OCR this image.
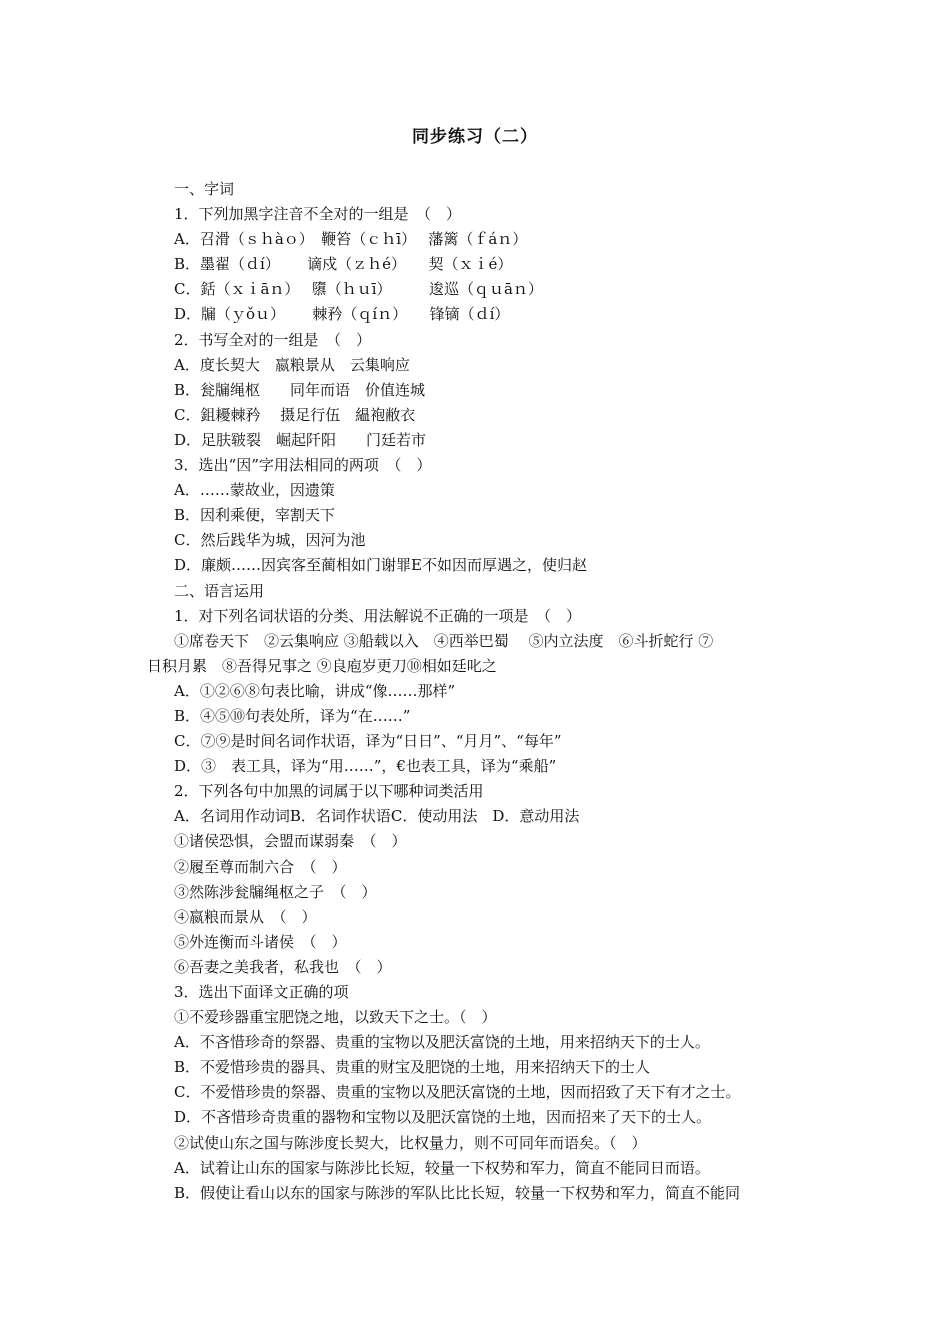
同步练习（二）
一、字词
1．下列加黑字注音不全对的一组是　（　）
A．召滑（ｓｈàｏ）　鞭笞（ｃｈī）　 藩篱（ｆáｎ）
B．墨翟（ｄí）　　 谪戍（ｚｈé）　　契（ｘｉé）
C．銛（ｘｉāｎ）　 隳（ｈｕī）　　　逡巡（ｑｕāｎ）
D．牖（ｙǒｕ）　　 棘矜（ｑíｎ）　　锋镝（ｄí）
2．书写全对的一组是　（　）
A．度长契大　嬴粮景从　云集响应
B．瓮牖绳枢　　同年而语　价值连城
C．鉏耰棘矜　 摄足行伍　緼袍敝衣
D．足肤皲裂　崛起阡阳　　门廷若市
3．选出“因”字用法相同的两项　（　）
A．……蒙故业，因遗策
B．因利乘便，宰割天下
C．然后践华为城，因河为池
D．廉颇……因宾客至蔺相如门谢罪E不如因而厚遇之，使归赵
二、语言运用
1．对下列名词状语的分类、用法解说不正确的一项是　（　）
①席卷天下　②云集响应 ③船载以入　④西举巴蜀　 ⑤内立法度　⑥斗折蛇行 ⑦
日积月累　⑧吾得兄事之 ⑨良庖岁更刀⑩相如廷叱之
A．①②⑥⑧句表比喻，讲成“像……那样”
B．④⑤⑩句表处所，译为“在……”
C．⑦⑨是时间名词作状语，译为“日日”、“月月”、“每年”
D．③　表工具，译为“用……”，€也表工具，译为“乘船”
2．下列各句中加黑的词属于以下哪种词类活用
A．名词用作动词B．名词作状语C．使动用法　D．意动用法
①诸侯恐惧，会盟而谋弱秦　（　）
②履至尊而制六合　（　）
③然陈涉瓮牖绳枢之子　（　）
④嬴粮而景从　（　）
⑤外连衡而斗诸侯　（　）
⑥吾妻之美我者，私我也　（　）
3．选出下面译文正确的项
①不爱珍器重宝肥饶之地，以致天下之士。（　）
A．不吝惜珍奇的祭器、贵重的宝物以及肥沃富饶的土地，用来招纳天下的士人。
B．不爱惜珍贵的器具、贵重的财宝及肥饶的土地，用来招纳天下的士人
C．不爱惜珍贵的祭器、贵重的宝物以及肥沃富饶的土地，因而招致了天下有才之士。
D．不吝惜珍奇贵重的器物和宝物以及肥沃富饶的土地，因而招来了天下的士人。
②试使山东之国与陈涉度长契大，比权量力，则不可同年而语矣。（　）
A．试着让山东的国家与陈涉比长短，较量一下权势和军力，简直不能同日而语。
B．假使让看山以东的国家与陈涉的军队比比长短，较量一下权势和军力，简直不能同
